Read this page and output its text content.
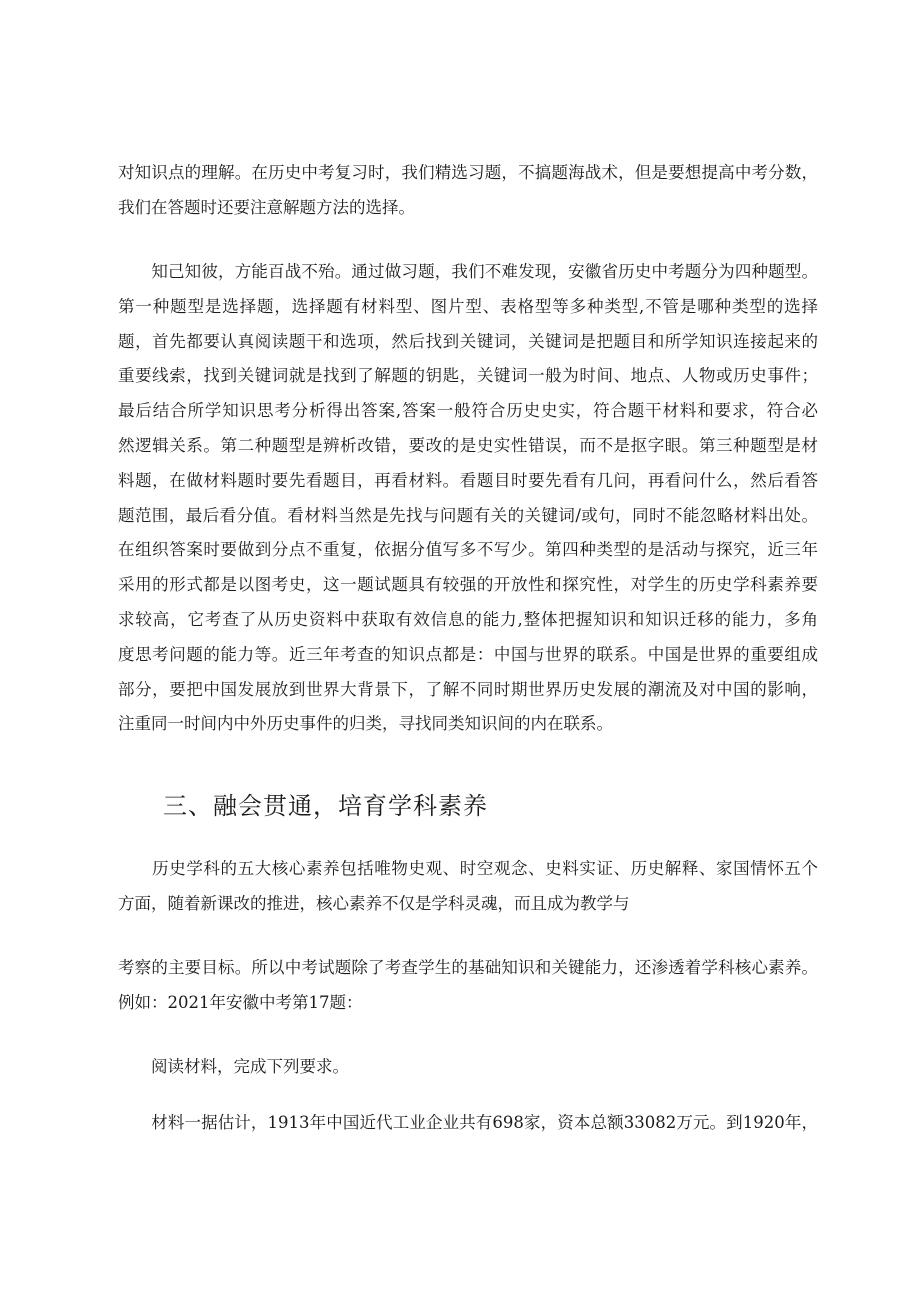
对知识点的理解。在历史中考复习时，我们精选习题，不搞题海战术，但是要想提高中考分数，
我们在答题时还要注意解题方法的选择。

　　知己知彼，方能百战不殆。通过做习题，我们不难发现，安徽省历史中考题分为四种题型。
第一种题型是选择题，选择题有材料型、图片型、表格型等多种类型,不管是哪种类型的选择
题，首先都要认真阅读题干和选项，然后找到关键词，关键词是把题目和所学知识连接起来的
重要线索，找到关键词就是找到了解题的钥匙，关键词一般为时间、地点、人物或历史事件；
最后结合所学知识思考分析得出答案,答案一般符合历史史实，符合题干材料和要求，符合必
然逻辑关系。第二种题型是辨析改错，要改的是史实性错误，而不是抠字眼。第三种题型是材
料题，在做材料题时要先看题目，再看材料。看题目时要先看有几问，再看问什么，然后看答
题范围，最后看分值。看材料当然是先找与问题有关的关键词/或句，同时不能忽略材料出处。
在组织答案时要做到分点不重复，依据分值写多不写少。第四种类型的是活动与探究，近三年
采用的形式都是以图考史，这一题试题具有较强的开放性和探究性，对学生的历史学科素养要
求较高，它考查了从历史资料中获取有效信息的能力,整体把握知识和知识迁移的能力，多角
度思考问题的能力等。近三年考查的知识点都是：中国与世界的联系。中国是世界的重要组成
部分，要把中国发展放到世界大背景下，了解不同时期世界历史发展的潮流及对中国的影响，
注重同一时间内中外历史事件的归类，寻找同类知识间的内在联系。

三、融会贯通，培育学科素养

　　历史学科的五大核心素养包括唯物史观、时空观念、史料实证、历史解释、家国情怀五个
方面，随着新课改的推进，核心素养不仅是学科灵魂，而且成为教学与

考察的主要目标。所以中考试题除了考查学生的基础知识和关键能力，还渗透着学科核心素养。
例如：2021年安徽中考第17题：

　　阅读材料，完成下列要求。

　　材料一据估计，1913年中国近代工业企业共有698家，资本总额33082万元。到1920年，
